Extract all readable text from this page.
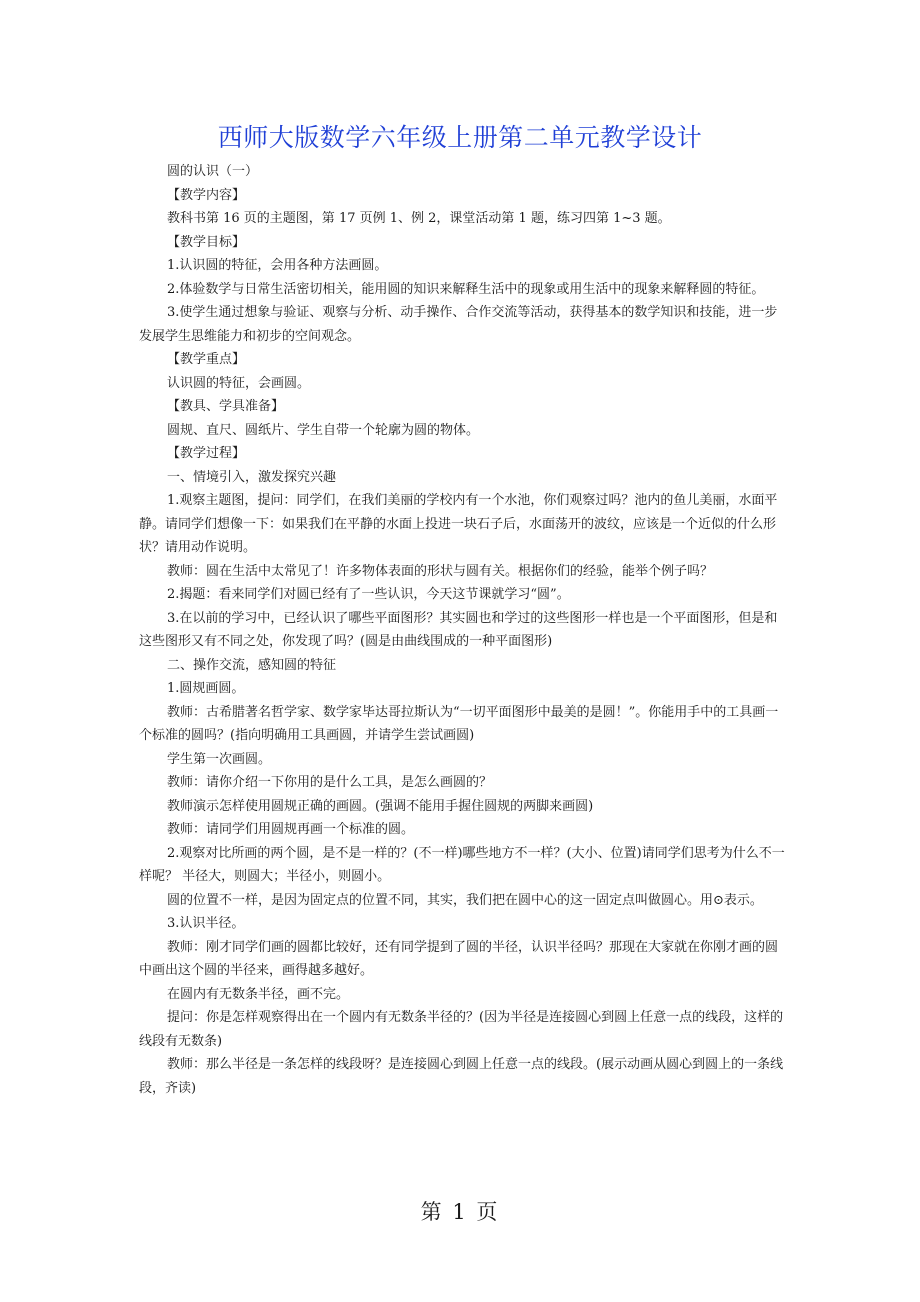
西师大版数学六年级上册第二单元教学设计

圆的认识（一）

【教学内容】

教科书第 16 页的主题图，第 17 页例 1、例 2，课堂活动第 1 题，练习四第 1~3 题。

【教学目标】

1.认识圆的特征，会用各种方法画圆。

2.体验数学与日常生活密切相关，能用圆的知识来解释生活中的现象或用生活中的现象来解释圆的特征。

3.使学生通过想象与验证、观察与分析、动手操作、合作交流等活动，获得基本的数学知识和技能，进一步发展学生思维能力和初步的空间观念。

【教学重点】

认识圆的特征，会画圆。

【教具、学具准备】

圆规、直尺、圆纸片、学生自带一个轮廓为圆的物体。

【教学过程】

一、情境引入，激发探究兴趣

1.观察主题图，提问：同学们，在我们美丽的学校内有一个水池，你们观察过吗？池内的鱼儿美丽，水面平静。请同学们想像一下：如果我们在平静的水面上投进一块石子后，水面荡开的波纹，应该是一个近似的什么形状？请用动作说明。

教师：圆在生活中太常见了！许多物体表面的形状与圆有关。根据你们的经验，能举个例子吗？

2.揭题：看来同学们对圆已经有了一些认识，今天这节课就学习“圆”。

3.在以前的学习中，已经认识了哪些平面图形？其实圆也和学过的这些图形一样也是一个平面图形，但是和这些图形又有不同之处，你发现了吗？(圆是由曲线围成的一种平面图形)

二、操作交流，感知圆的特征

1.圆规画圆。

教师：古希腊著名哲学家、数学家毕达哥拉斯认为“一切平面图形中最美的是圆！”。你能用手中的工具画一个标准的圆吗？(指向明确用工具画圆，并请学生尝试画圆)

学生第一次画圆。

教师：请你介绍一下你用的是什么工具，是怎么画圆的？

教师演示怎样使用圆规正确的画圆。(强调不能用手握住圆规的两脚来画圆)

教师：请同学们用圆规再画一个标准的圆。

2.观察对比所画的两个圆，是不是一样的？(不一样)哪些地方不一样？(大小、位置)请同学们思考为什么不一样呢？ 半径大，则圆大；半径小，则圆小。

圆的位置不一样，是因为固定点的位置不同，其实，我们把在圆中心的这一固定点叫做圆心。用⊙表示。

3.认识半径。

教师：刚才同学们画的圆都比较好，还有同学提到了圆的半径，认识半径吗？那现在大家就在你刚才画的圆中画出这个圆的半径来，画得越多越好。

在圆内有无数条半径，画不完。

提问：你是怎样观察得出在一个圆内有无数条半径的？(因为半径是连接圆心到圆上任意一点的线段，这样的线段有无数条)

教师：那么半径是一条怎样的线段呀？是连接圆心到圆上任意一点的线段。(展示动画从圆心到圆上的一条线段，齐读)

第 1 页
